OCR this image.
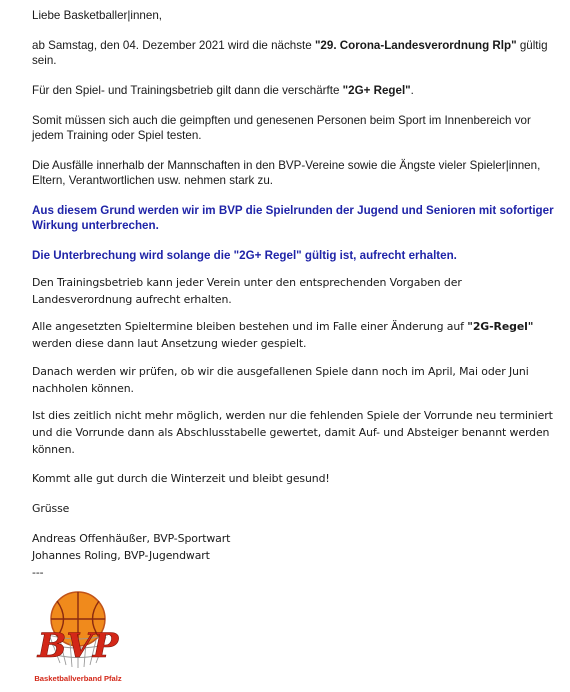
Liebe Basketballer|innen,
ab Samstag, den 04. Dezember 2021 wird die nächste "29. Corona-Landesverordnung Rlp" gültig sein.
Für den Spiel- und Trainingsbetrieb gilt dann die verschärfte "2G+ Regel".
Somit müssen sich auch die geimpften und genesenen Personen beim Sport im Innenbereich vor jedem Training oder Spiel testen.
Die Ausfälle innerhalb der Mannschaften in den BVP-Vereine sowie die Ängste vieler Spieler|innen, Eltern, Verantwortlichen usw. nehmen stark zu.
Aus diesem Grund werden wir im BVP die Spielrunden der Jugend und Senioren mit sofortiger Wirkung unterbrechen.
Die Unterbrechung wird solange die "2G+ Regel" gültig ist, aufrecht erhalten.
Den Trainingsbetrieb kann jeder Verein unter den entsprechenden Vorgaben der Landesverordnung aufrecht erhalten.
Alle angesetzten Spieltermine bleiben bestehen und im Falle einer Änderung auf "2G-Regel" werden diese dann laut Ansetzung wieder gespielt.
Danach werden wir prüfen, ob wir die ausgefallenen Spiele dann noch im April, Mai oder Juni nachholen können.
Ist dies zeitlich nicht mehr möglich, werden nur die fehlenden Spiele der Vorrunde neu terminiert und die Vorrunde dann als Abschlusstabelle gewertet, damit Auf- und Absteiger benannt werden können.
Kommt alle gut durch die Winterzeit und bleibt gesund!
Grüsse
Andreas Offenhäußer, BVP-Sportwart
Johannes Roling, BVP-Jugendwart
---
BVP
Basketballverband Pfalz
